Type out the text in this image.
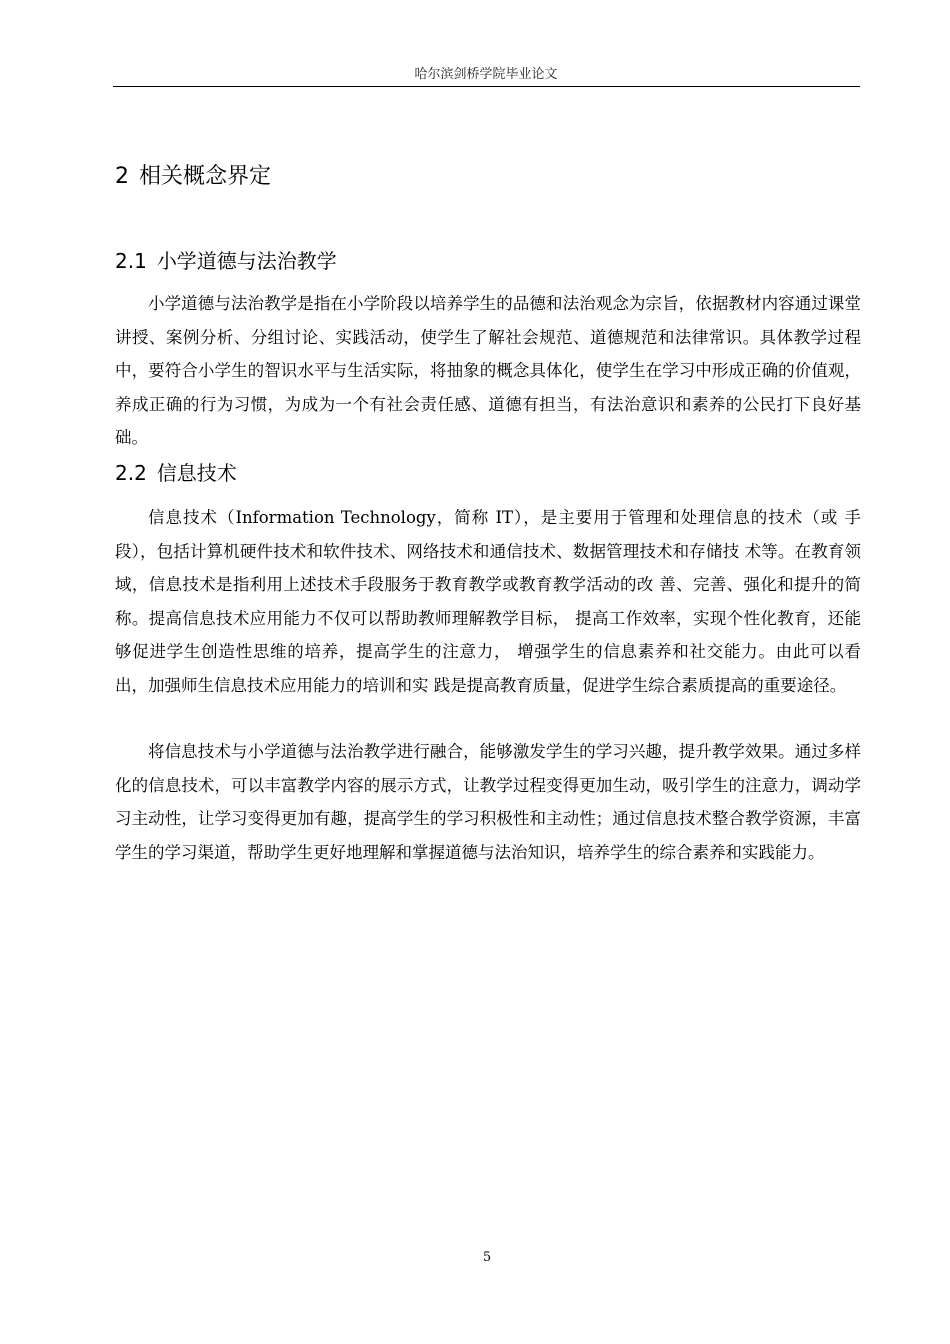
哈尔滨剑桥学院毕业论文
2 相关概念界定
2.1 小学道德与法治教学

小学道德与法治教学是指在小学阶段以培养学生的品德和法治观念为宗旨，依据教材内容通过课堂讲授、案例分析、分组讨论、实践活动，使学生了解社会规范、道德规范和法律常识。具体教学过程中，要符合小学生的智识水平与生活实际，将抽象的概念具体化，使学生在学习中形成正确的价值观，养成正确的行为习惯，为成为一个有社会责任感、道德有担当，有法治意识和素养的公民打下良好基础。

2.2 信息技术

信息技术（Information Technology，简称 IT），是主要用于管理和处理信息的技术（或 手段），包括计算机硬件技术和软件技术、网络技术和通信技术、数据管理技术和存储技 术等。在教育领域，信息技术是指利用上述技术手段服务于教育教学或教育教学活动的改 善、完善、强化和提升的简称。提高信息技术应用能力不仅可以帮助教师理解教学目标， 提高工作效率，实现个性化教育，还能够促进学生创造性思维的培养，提高学生的注意力， 增强学生的信息素养和社交能力。由此可以看出，加强师生信息技术应用能力的培训和实 践是提高教育质量，促进学生综合素质提高的重要途径。

将信息技术与小学道德与法治教学进行融合，能够激发学生的学习兴趣，提升教学效果。通过多样化的信息技术，可以丰富教学内容的展示方式，让教学过程变得更加生动，吸引学生的注意力，调动学习主动性，让学习变得更加有趣，提高学生的学习积极性和主动性；通过信息技术整合教学资源，丰富学生的学习渠道，帮助学生更好地理解和掌握道德与法治知识，培养学生的综合素养和实践能力。

5
